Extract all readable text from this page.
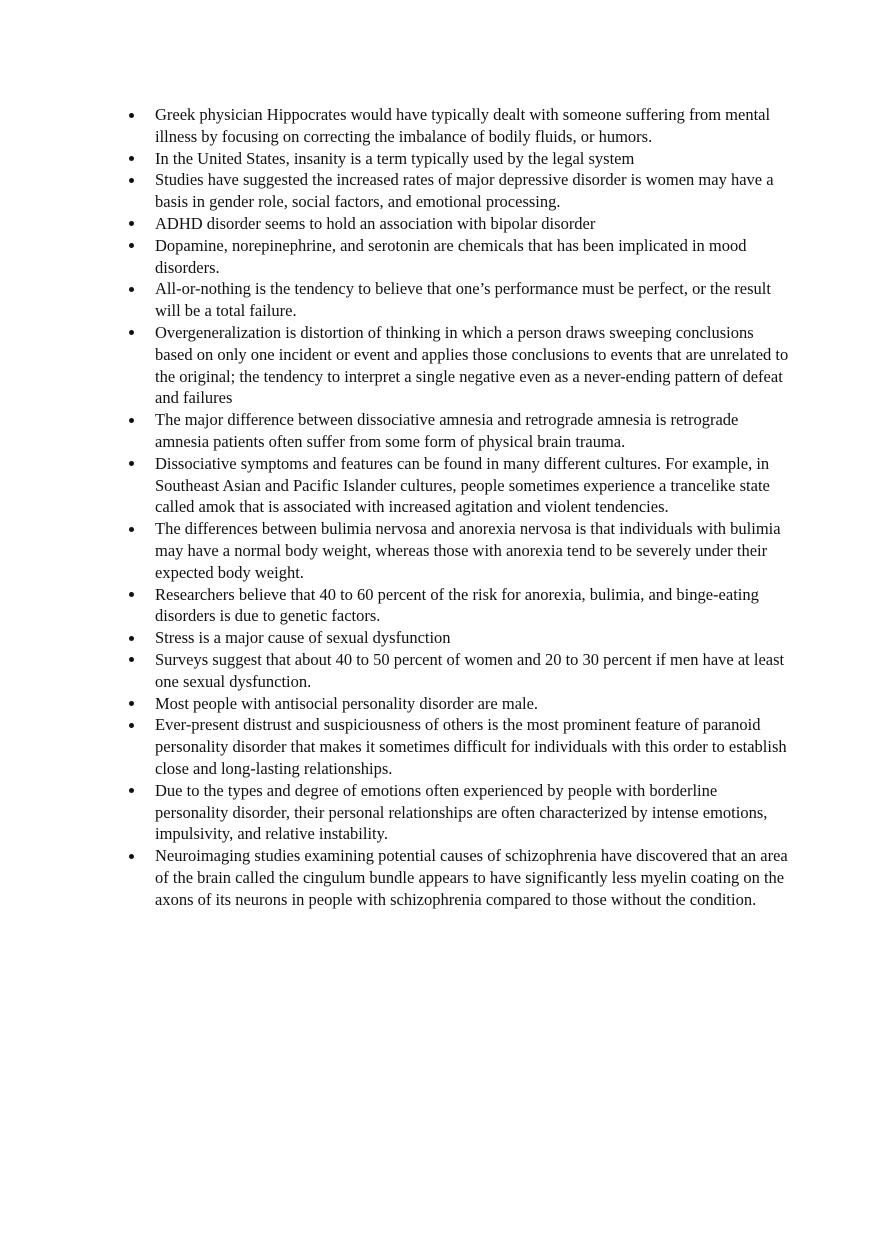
Greek physician Hippocrates would have typically dealt with someone suffering from mental illness by focusing on correcting the imbalance of bodily fluids, or humors.
In the United States, insanity is a term typically used by the legal system
Studies have suggested the increased rates of major depressive disorder is women may have a basis in gender role, social factors, and emotional processing.
ADHD disorder seems to hold an association with bipolar disorder
Dopamine, norepinephrine, and serotonin are chemicals that has been implicated in mood disorders.
All-or-nothing is the tendency to believe that one’s performance must be perfect, or the result will be a total failure.
Overgeneralization is distortion of thinking in which a person draws sweeping conclusions based on only one incident or event and applies those conclusions to events that are unrelated to the original; the tendency to interpret a single negative even as a never-ending pattern of defeat and failures
The major difference between dissociative amnesia and retrograde amnesia is retrograde amnesia patients often suffer from some form of physical brain trauma.
Dissociative symptoms and features can be found in many different cultures. For example, in Southeast Asian and Pacific Islander cultures, people sometimes experience a trancelike state called amok that is associated with increased agitation and violent tendencies.
The differences between bulimia nervosa and anorexia nervosa is that individuals with bulimia may have a normal body weight, whereas those with anorexia tend to be severely under their expected body weight.
Researchers believe that 40 to 60 percent of the risk for anorexia, bulimia, and binge-eating disorders is due to genetic factors.
Stress is a major cause of sexual dysfunction
Surveys suggest that about 40 to 50 percent of women and 20 to 30 percent if men have at least one sexual dysfunction.
Most people with antisocial personality disorder are male.
Ever-present distrust and suspiciousness of others is the most prominent feature of paranoid personality disorder that makes it sometimes difficult for individuals with this order to establish close and long-lasting relationships.
Due to the types and degree of emotions often experienced by people with borderline personality disorder, their personal relationships are often characterized by intense emotions, impulsivity, and relative instability.
Neuroimaging studies examining potential causes of schizophrenia have discovered that an area of the brain called the cingulum bundle appears to have significantly less myelin coating on the axons of its neurons in people with schizophrenia compared to those without the condition.
